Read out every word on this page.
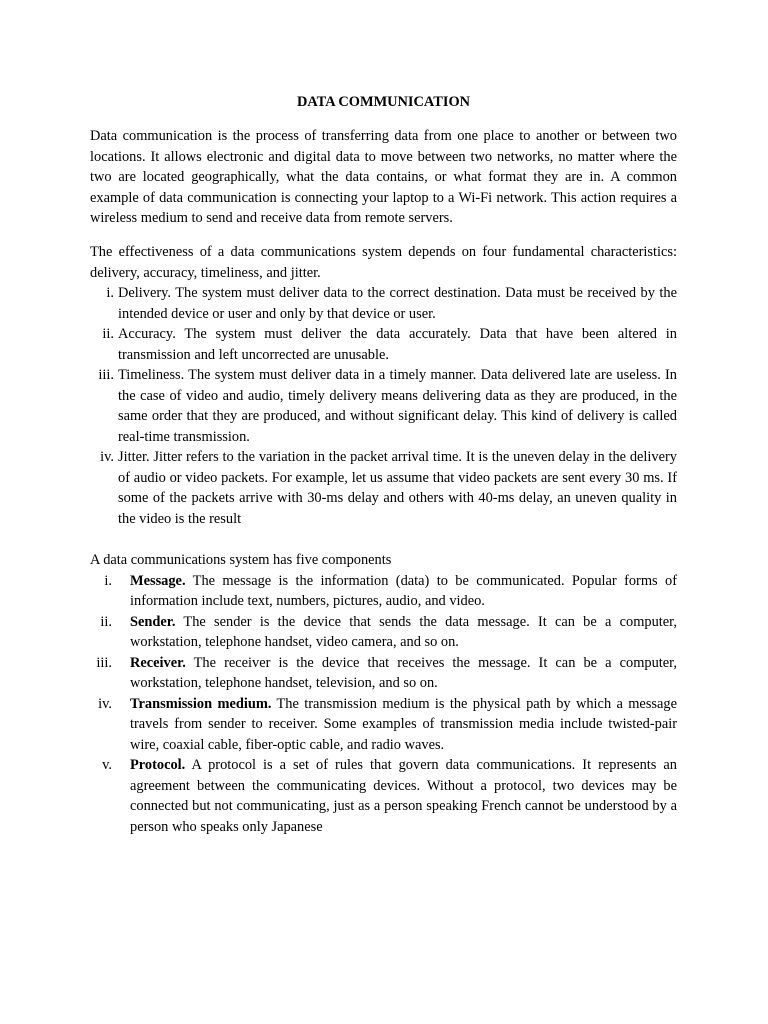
DATA COMMUNICATION

Data communication is the process of transferring data from one place to another or between two locations. It allows electronic and digital data to move between two networks, no matter where the two are located geographically, what the data contains, or what format they are in. A common example of data communication is connecting your laptop to a Wi-Fi network. This action requires a wireless medium to send and receive data from remote servers.

The effectiveness of a data communications system depends on four fundamental characteristics: delivery, accuracy, timeliness, and jitter.

i. Delivery. The system must deliver data to the correct destination. Data must be received by the intended device or user and only by that device or user.
ii. Accuracy. The system must deliver the data accurately. Data that have been altered in transmission and left uncorrected are unusable.
iii. Timeliness. The system must deliver data in a timely manner. Data delivered late are useless. In the case of video and audio, timely delivery means delivering data as they are produced, in the same order that they are produced, and without significant delay. This kind of delivery is called real-time transmission.
iv. Jitter. Jitter refers to the variation in the packet arrival time. It is the uneven delay in the delivery of audio or video packets. For example, let us assume that video packets are sent every 30 ms. If some of the packets arrive with 30-ms delay and others with 40-ms delay, an uneven quality in the video is the result

A data communications system has five components

i. Message. The message is the information (data) to be communicated. Popular forms of information include text, numbers, pictures, audio, and video.
ii. Sender. The sender is the device that sends the data message. It can be a computer, workstation, telephone handset, video camera, and so on.
iii. Receiver. The receiver is the device that receives the message. It can be a computer, workstation, telephone handset, television, and so on.
iv. Transmission medium. The transmission medium is the physical path by which a message travels from sender to receiver. Some examples of transmission media include twisted-pair wire, coaxial cable, fiber-optic cable, and radio waves.
v. Protocol. A protocol is a set of rules that govern data communications. It represents an agreement between the communicating devices. Without a protocol, two devices may be connected but not communicating, just as a person speaking French cannot be understood by a person who speaks only Japanese
